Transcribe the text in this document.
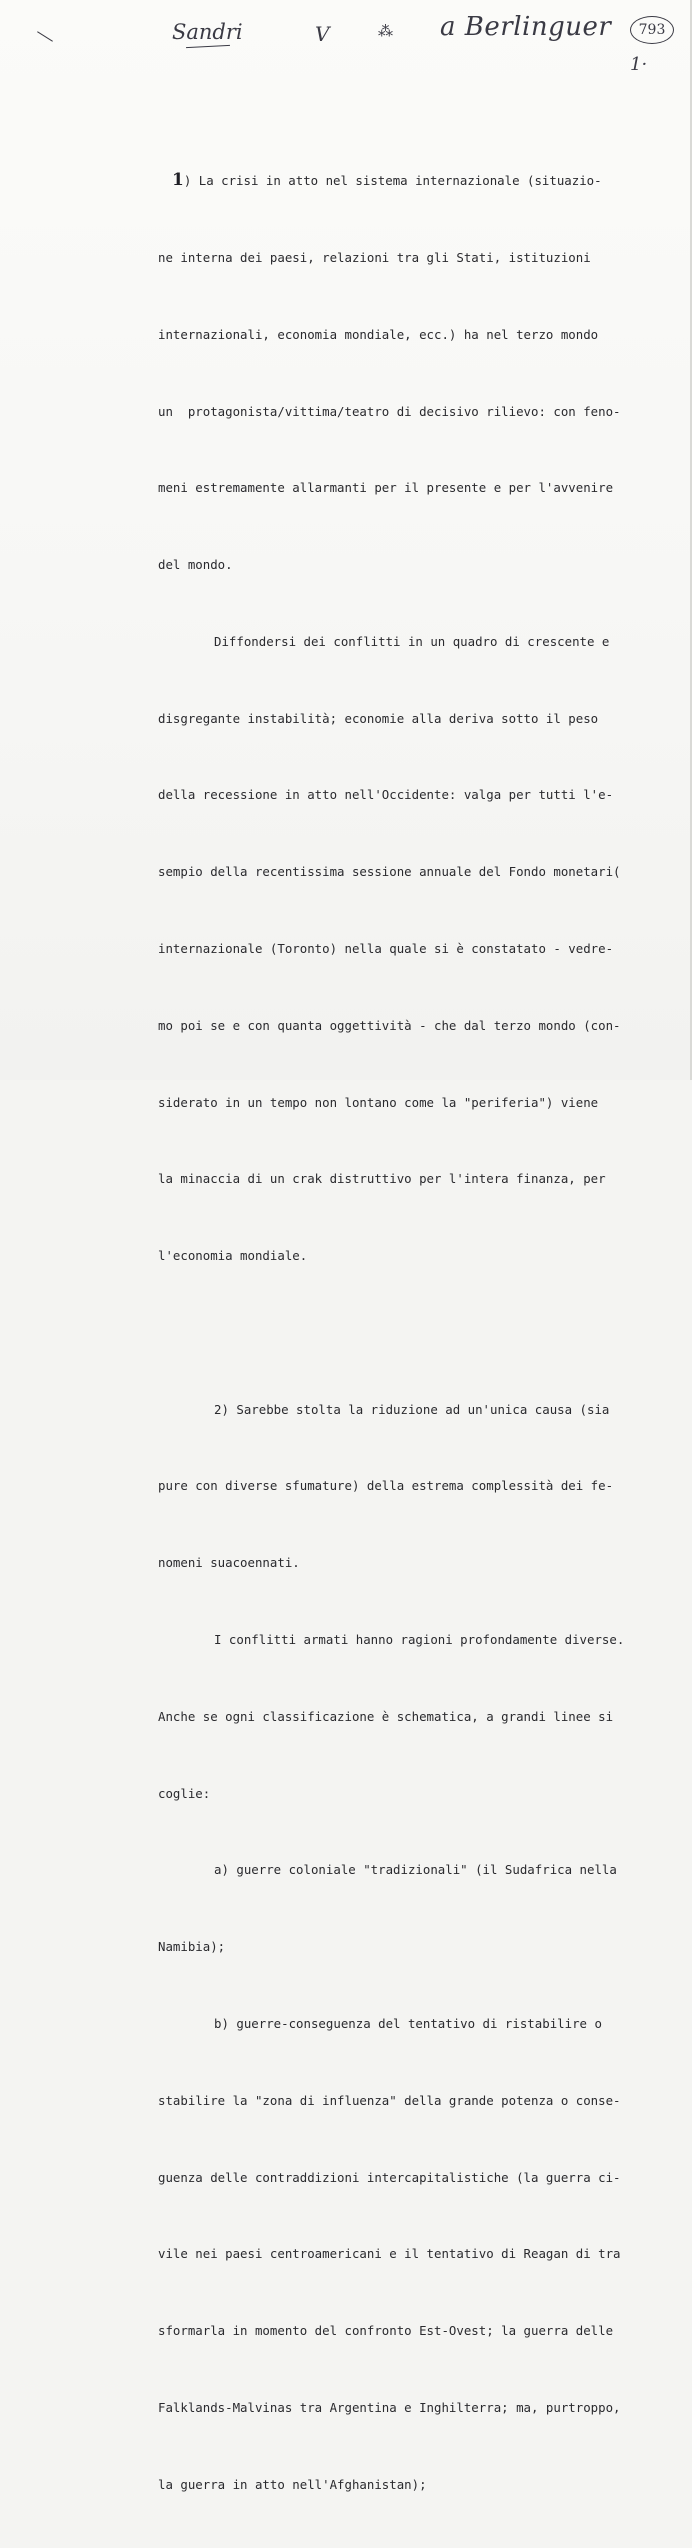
Sandri	V	⁂ a Berlinguer	793
1·

1) La crisi in atto nel sistema internazionale (situazio-

ne interna dei paesi, relazioni tra gli Stati, istituzioni

internazionali, economia mondiale, ecc.) ha nel terzo mondo

un  protagonista/vittima/teatro di decisivo rilievo: con feno-

meni estremamente allarmanti per il presente e per l'avvenire

del mondo.

Diffondersi dei conflitti in un quadro di crescente e

disgregante instabilità; economie alla deriva sotto il peso

della recessione in atto nell'Occidente: valga per tutti l'e-

sempio della recentissima sessione annuale del Fondo monetari(

internazionale (Toronto) nella quale si è constatato - vedre-

mo poi se e con quanta oggettività - che dal terzo mondo (con-

siderato in un tempo non lontano come la "periferia") viene

la minaccia di un crak distruttivo per l'intera finanza, per

l'economia mondiale.

2) Sarebbe stolta la riduzione ad un'unica causa (sia

pure con diverse sfumature) della estrema complessità dei fe-

nomeni suacoennati.

I conflitti armati hanno ragioni profondamente diverse.

Anche se ogni classificazione è schematica, a grandi linee si

coglie:

a) guerre coloniale "tradizionali" (il Sudafrica nella

Namibia);

b) guerre-conseguenza del tentativo di ristabilire o

stabilire la "zona di influenza" della grande potenza o conse-

guenza delle contraddizioni intercapitalistiche (la guerra ci-

vile nei paesi centroamericani e il tentativo di Reagan di tra

sformarla in momento del confronto Est-Ovest; la guerra delle

Falklands-Malvinas tra Argentina e Inghilterra; ma, purtroppo,

la guerra in atto nell'Afghanistan);
